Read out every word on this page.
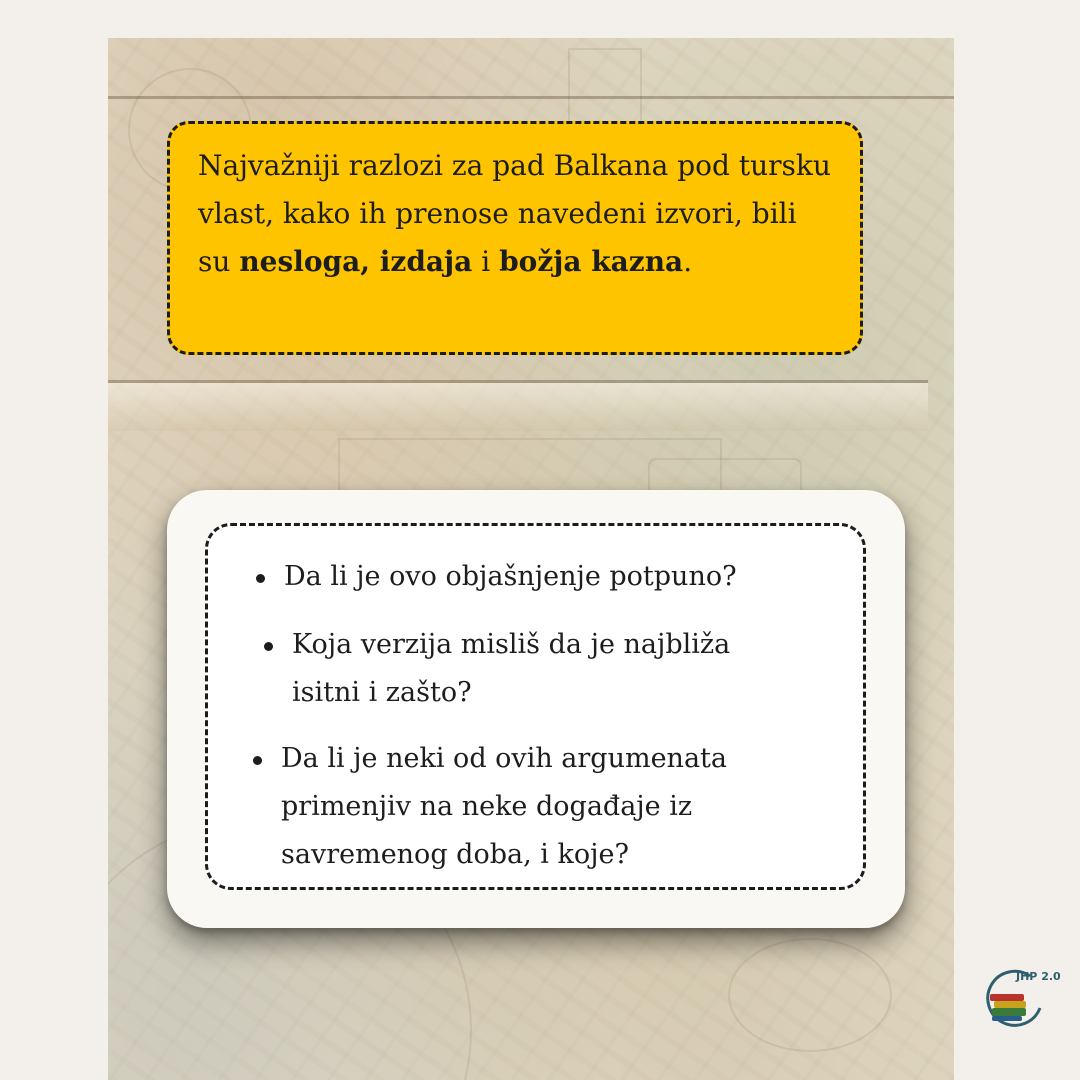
Najvažniji razlozi za pad Balkana pod tursku vlast, kako ih prenose navedeni izvori, bili su nesloga, izdaja i božja kazna.

Da li je ovo objašnjenje potpuno?
Koja verzija misliš da je najbliža isitni i zašto?
Da li je neki od ovih argumenata primenjiv na neke događaje iz savremenog doba, i koje?
JHP 2.0
